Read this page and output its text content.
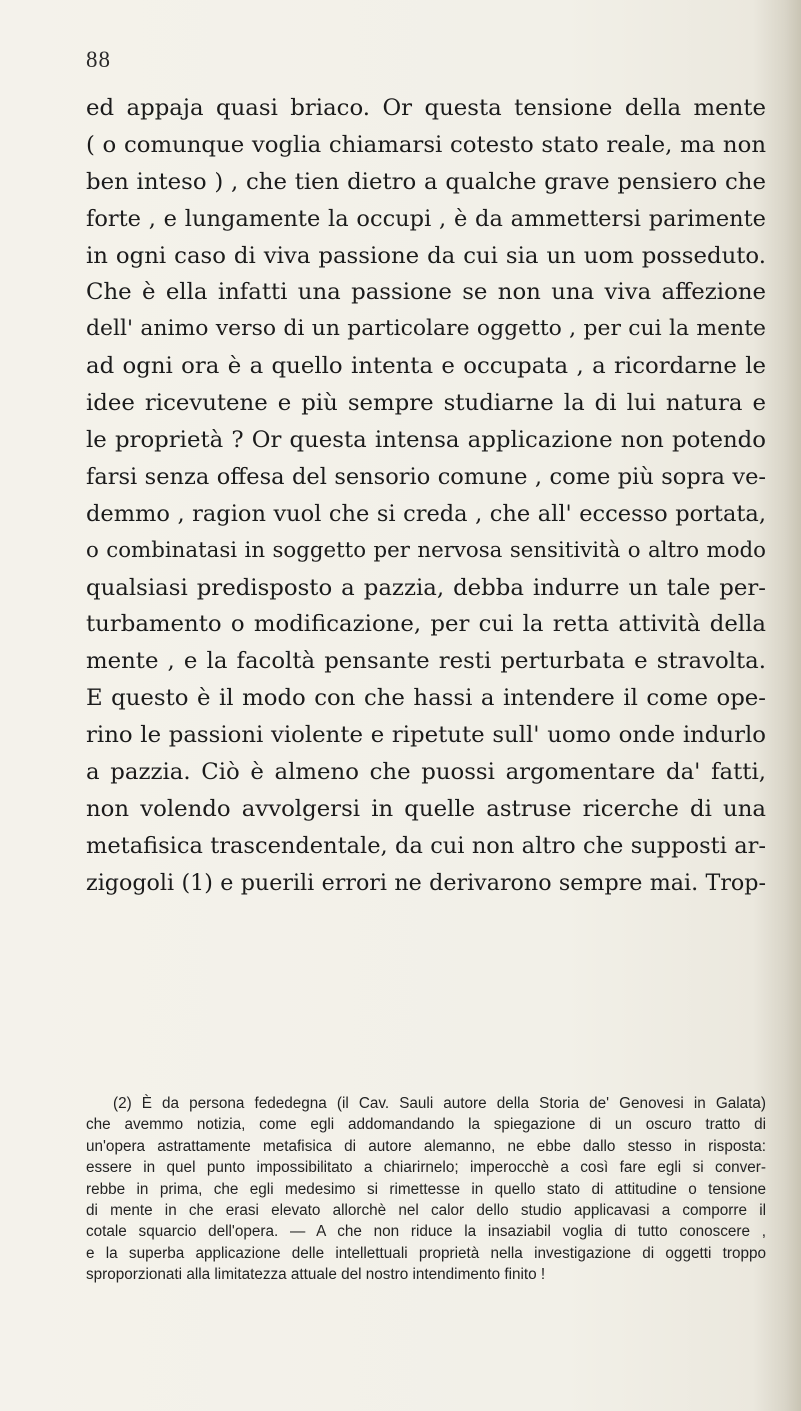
88
ed appaja quasi briaco. Or questa tensione della mente
( o comunque voglia chiamarsi cotesto stato reale, ma non
ben inteso ) , che tien dietro a qualche grave pensiero che
forte , e lungamente la occupi , è da ammettersi parimente
in ogni caso di viva passione da cui sia un uom posseduto.
Che è ella infatti una passione se non una viva affezione
dell' animo verso di un particolare oggetto , per cui la mente
ad ogni ora è a quello intenta e occupata , a ricordarne le
idee ricevutene e più sempre studiarne la di lui natura e
le proprietà ? Or questa intensa applicazione non potendo
farsi senza offesa del sensorio comune , come più sopra ve-
demmo , ragion vuol che si creda , che all' eccesso portata,
o combinatasi in soggetto per nervosa sensitività o altro modo
qualsiasi predisposto a pazzia, debba indurre un tale per-
turbamento o modificazione, per cui la retta attività della
mente , e la facoltà pensante resti perturbata e stravolta.
E questo è il modo con che hassi a intendere il come ope-
rino le passioni violente e ripetute sull' uomo onde indurlo
a pazzia. Ciò è almeno che puossi argomentare da' fatti,
non volendo avvolgersi in quelle astruse ricerche di una
metafisica trascendentale, da cui non altro che supposti ar-
zigogoli (1) e puerili errori ne derivarono sempre mai. Trop-
(2) È da persona fededegna (il Cav. Sauli autore della Storia de' Genovesi in Galata)
che avemmo notizia, come egli addomandando la spiegazione di un oscuro tratto di
un'opera astrattamente metafisica di autore alemanno, ne ebbe dallo stesso in risposta:
essere in quel punto impossibilitato a chiarirnelo; imperocchè a così fare egli si conver-
rebbe in prima, che egli medesimo si rimettesse in quello stato di attitudine o tensione
di mente in che erasi elevato allorchè nel calor dello studio applicavasi a comporre il
cotale squarcio dell'opera. — A che non riduce la insaziabil voglia di tutto conoscere ,
e la superba applicazione delle intellettuali proprietà nella investigazione di oggetti troppo
sproporzionati alla limitatezza attuale del nostro intendimento finito !
